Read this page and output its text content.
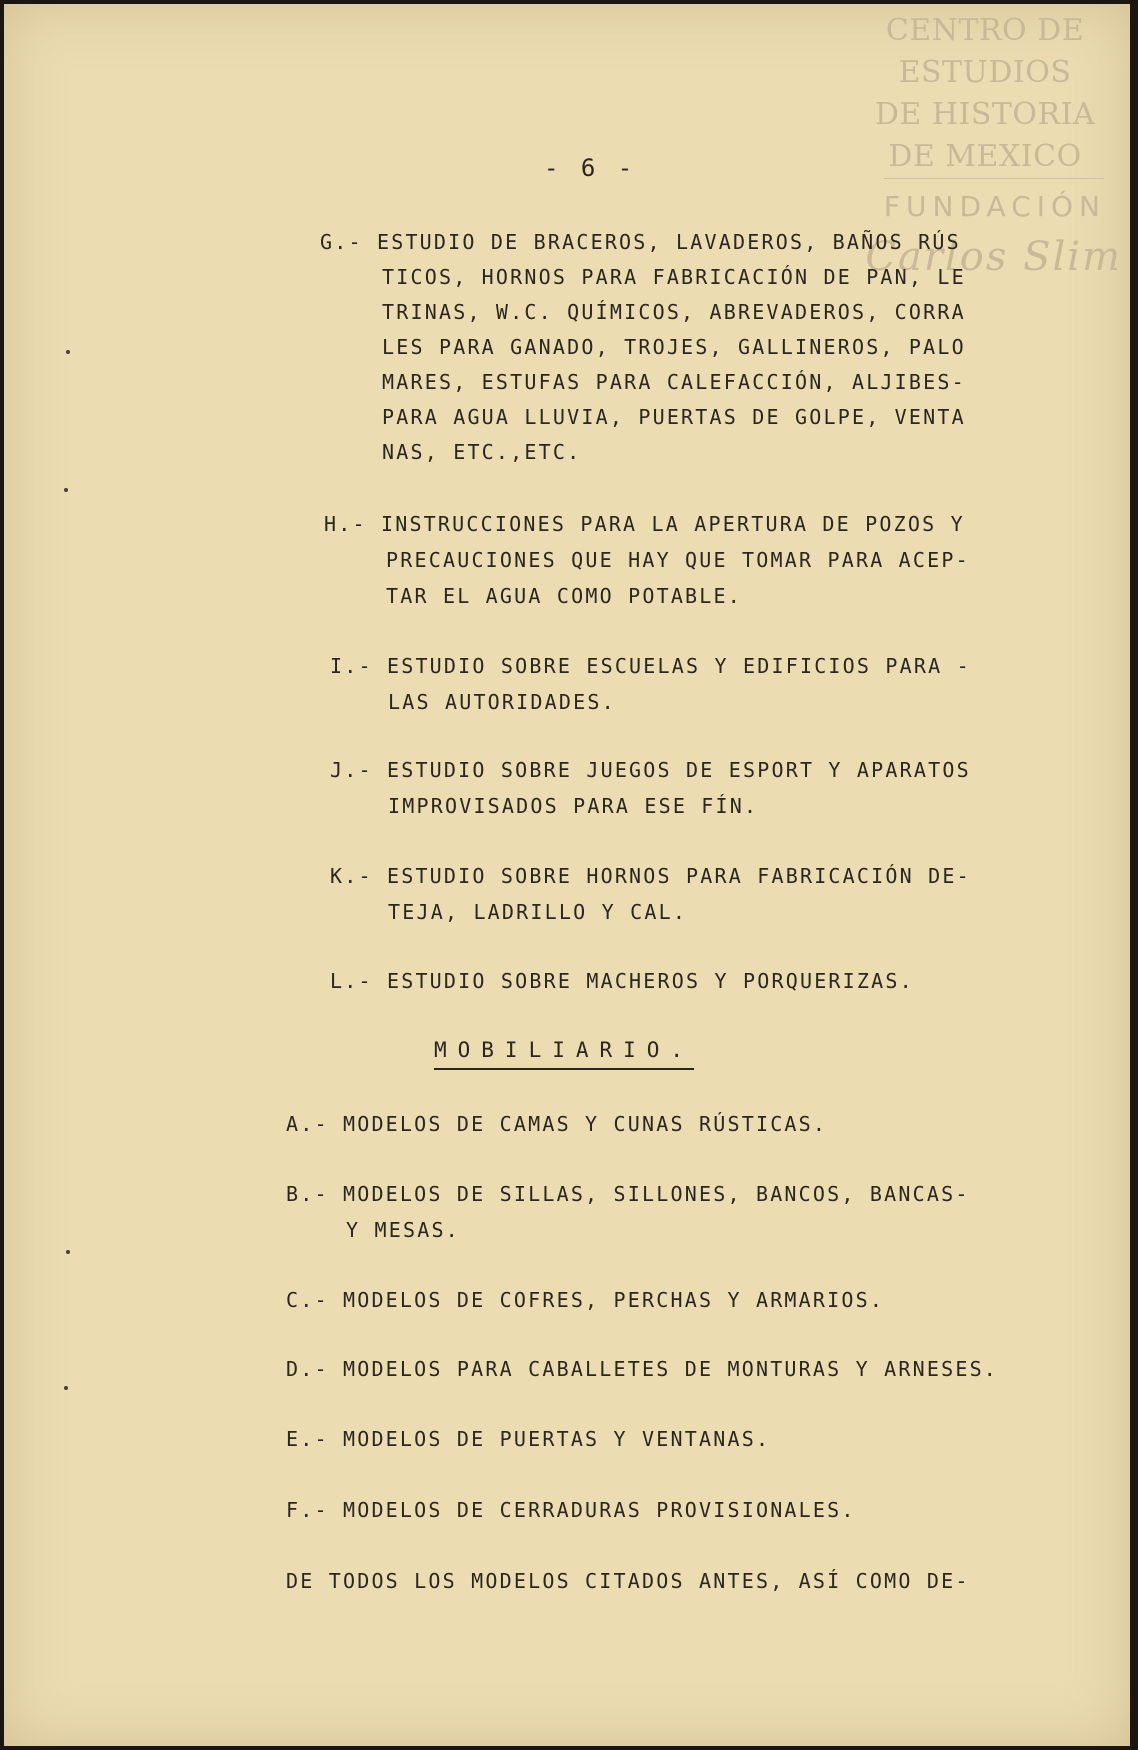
CENTRO DE
ESTUDIOS
DE HISTORIA
DE MEXICO
FUNDACIÓN
Carlos Slim
- 6 -
G.- ESTUDIO DE BRACEROS, LAVADEROS, BAÑOS RÚS
TICOS, HORNOS PARA FABRICACIÓN DE PAN, LE
TRINAS, W.C. QUÍMICOS, ABREVADEROS, CORRA
LES PARA GANADO, TROJES, GALLINEROS, PALO
MARES, ESTUFAS PARA CALEFACCIÓN, ALJIBES-
PARA AGUA LLUVIA, PUERTAS DE GOLPE, VENTA
NAS, ETC.,ETC.
H.- INSTRUCCIONES PARA LA APERTURA DE POZOS Y
PRECAUCIONES QUE HAY QUE TOMAR PARA ACEP-
TAR EL AGUA COMO POTABLE.
I.- ESTUDIO SOBRE ESCUELAS Y EDIFICIOS PARA -
LAS AUTORIDADES.
J.- ESTUDIO SOBRE JUEGOS DE ESPORT Y APARATOS
IMPROVISADOS PARA ESE FÍN.
K.- ESTUDIO SOBRE HORNOS PARA FABRICACIÓN DE-
TEJA, LADRILLO Y CAL.
L.- ESTUDIO SOBRE MACHEROS Y PORQUERIZAS.
MOBILIARIO.
A.- MODELOS DE CAMAS Y CUNAS RÚSTICAS.
B.- MODELOS DE SILLAS, SILLONES, BANCOS, BANCAS-
Y MESAS.
C.- MODELOS DE COFRES, PERCHAS Y ARMARIOS.
D.- MODELOS PARA CABALLETES DE MONTURAS Y ARNESES.
E.- MODELOS DE PUERTAS Y VENTANAS.
F.- MODELOS DE CERRADURAS PROVISIONALES.
DE TODOS LOS MODELOS CITADOS ANTES, ASÍ COMO DE-
